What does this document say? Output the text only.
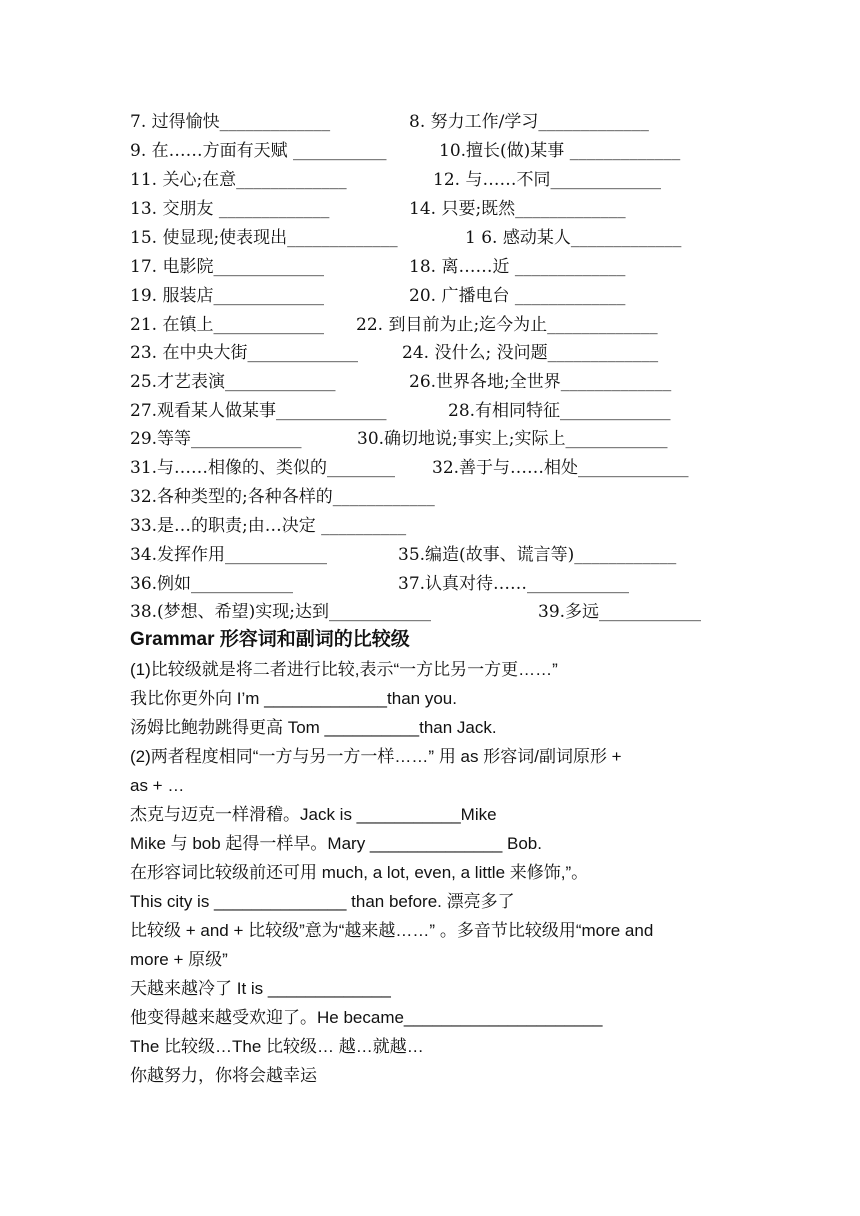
7. 过得愉快_____________	8. 努力工作/学习_____________
9. 在……方面有天赋 ___________	10.擅长(做)某事 _____________
11. 关心;在意_____________	12. 与……不同_____________
13. 交朋友 _____________	14. 只要;既然_____________
15. 使显现;使表现出_____________	1 6. 感动某人_____________
17. 电影院_____________	18. 离……近 _____________
19. 服装店_____________	20. 广播电台 _____________
21. 在镇上_____________ 22. 到目前为止;迄今为止_____________
23. 在中央大街_____________	24. 没什么; 没问题_____________
25.才艺表演_____________	26.世界各地;全世界_____________
27.观看某人做某事_____________	28.有相同特征_____________
29.等等_____________	30.确切地说;事实上;实际上____________
31.与……相像的、类似的________ 32.善于与……相处_____________
32.各种类型的;各种各样的____________
33.是…的职责;由…决定 __________
34.发挥作用____________	35.编造(故事、谎言等)____________
36.例如____________	37.认真对待……____________
38.(梦想、希望)实现;达到____________	39.多远____________
Grammar 形容词和副词的比较级
(1)比较级就是将二者进行比较,表示“一方比另一方更……”
我比你更外向 I’m _____________than you.
汤姆比鲍勃跳得更高 Tom __________than Jack.
(2)两者程度相同“一方与另一方一样……” 用 as 形容词/副词原形 +
as + …
杰克与迈克一样滑稽。Jack is ___________Mike
Mike 与 bob 起得一样早。Mary ______________ Bob.
在形容词比较级前还可用 much, a lot, even, a little 来修饰,”。
This city is ______________ than before. 漂亮多了
比较级 + and + 比较级”意为“越来越……” 。多音节比较级用“more and
more + 原级”
天越来越冷了 It is _____________
他变得越来越受欢迎了。He became_____________________
The 比较级…The 比较级… 越…就越…
你越努力，你将会越幸运
